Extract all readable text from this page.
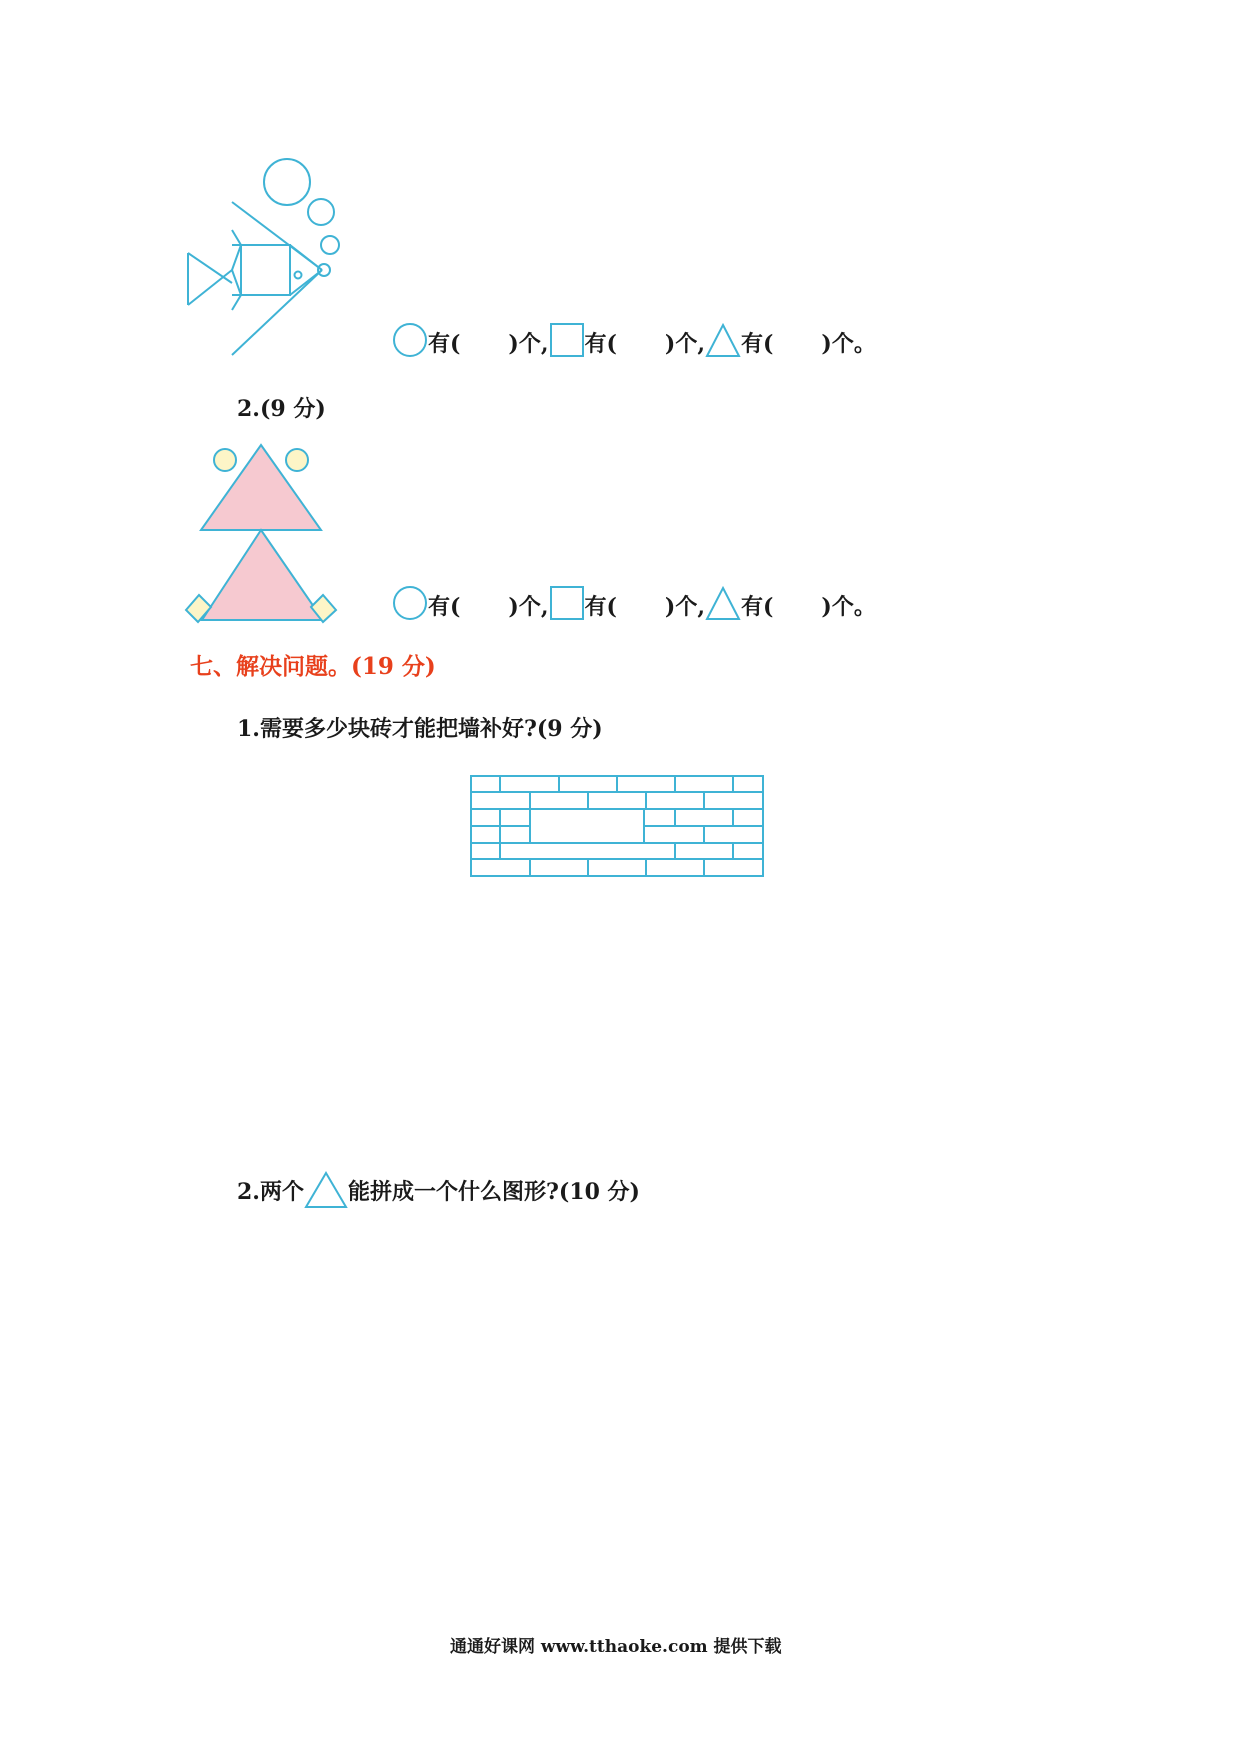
有( )个, 有( )个, 有( )个。
2.(9 分)
有( )个, 有( )个, 有( )个。
七、解决问题。(19 分)
1.需要多少块砖才能把墙补好?(9 分)
2.两个 能拼成一个什么图形?(10 分)
通通好课网 www.tthaoke.com 提供下载
